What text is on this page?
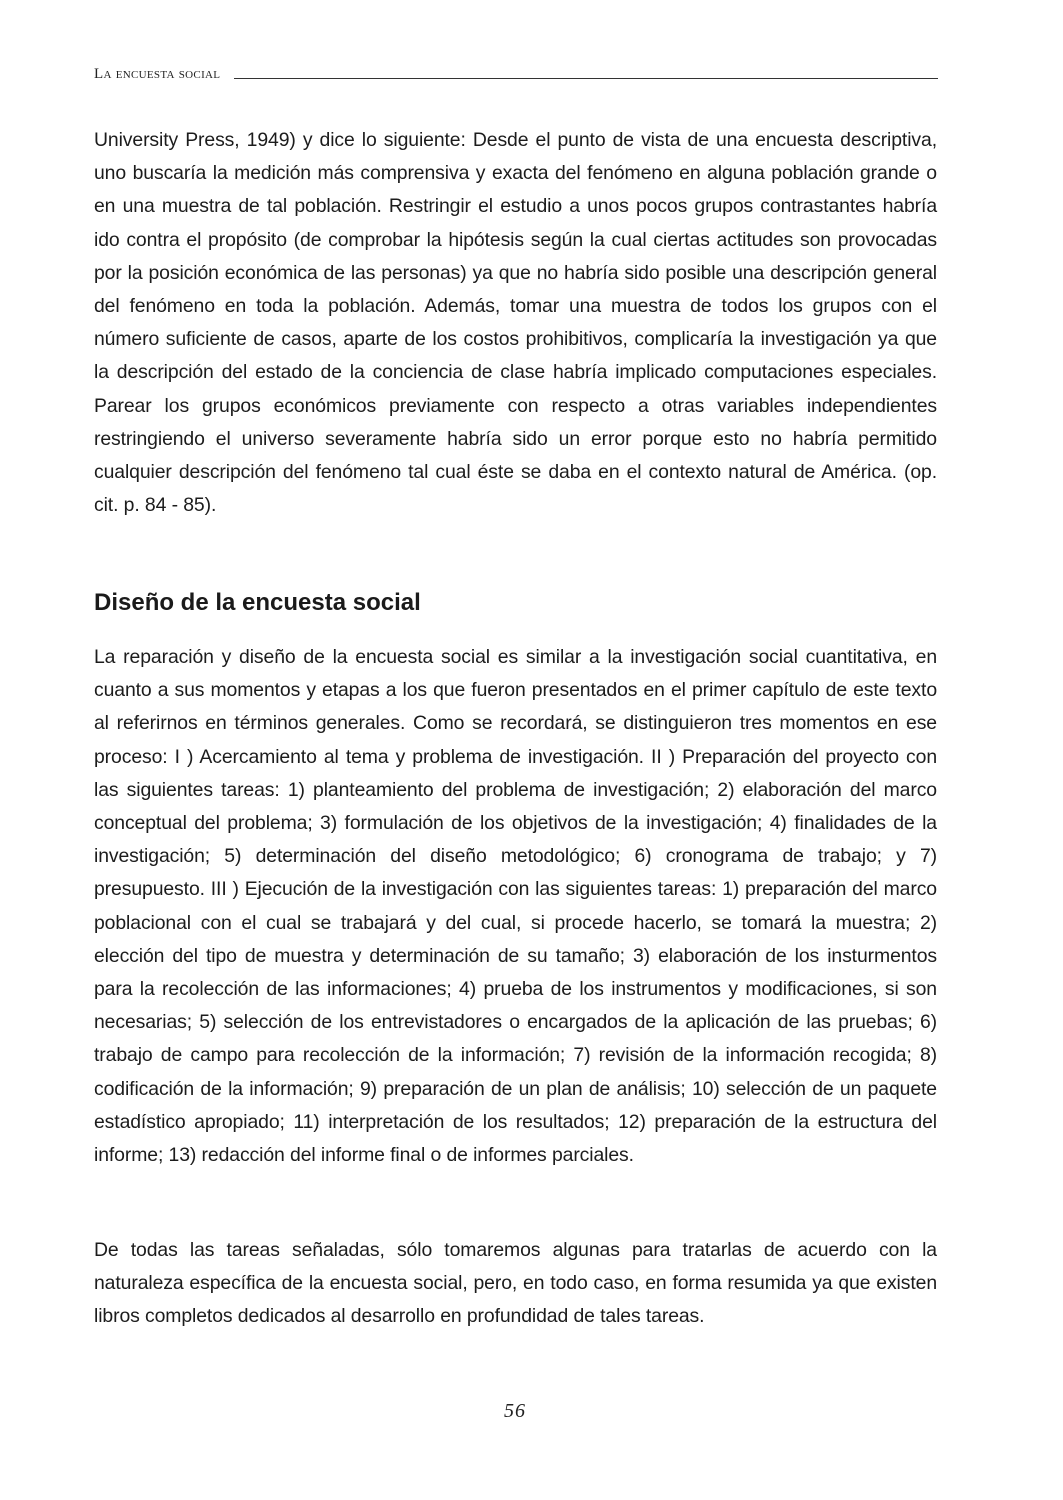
La encuesta social

University Press, 1949) y dice lo siguiente: Desde el punto de vista de una encuesta descriptiva, uno buscaría la medición más comprensiva y exacta del fenómeno en alguna población grande o en una muestra de tal población. Restringir el estudio a unos pocos grupos contrastantes habría ido contra el propósito (de comprobar la hipótesis según la cual ciertas actitudes son provocadas por la posición económica de las personas) ya que no habría sido posible una descripción general del fenómeno en toda la población. Además, tomar una muestra de todos los grupos con el número suficiente de casos, aparte de los costos prohibitivos, complicaría la investigación ya que la descripción del estado de la conciencia de clase habría implicado computaciones especiales. Parear los grupos económicos previamente con respecto a otras variables independientes restringiendo el universo severamente habría sido un error porque esto no habría permitido cualquier descripción del fenómeno tal cual éste se daba en el contexto natural de América. (op. cit. p. 84 - 85).

Diseño de la encuesta social

La reparación y diseño de la encuesta social es similar a la investigación social cuantitativa, en cuanto a sus momentos y etapas a los que fueron presentados en el primer capítulo de este texto al referirnos en términos generales. Como se recordará, se distinguieron tres momentos en ese proceso: I ) Acercamiento al tema y problema de investigación. II ) Preparación del proyecto con las siguientes tareas: 1) planteamiento del problema de investigación; 2) elaboración del marco conceptual del problema; 3) formulación de los objetivos de la investigación; 4) finalidades de la investigación; 5) determinación del diseño metodológico; 6) cronograma de trabajo; y 7) presupuesto. III ) Ejecución de la investigación con las siguientes tareas: 1) preparación del marco poblacional con el cual se trabajará y del cual, si procede hacerlo, se tomará la muestra; 2) elección del tipo de muestra y determinación de su tamaño; 3) elaboración de los insturmentos para la recolección de las informaciones; 4) prueba de los instrumentos y modificaciones, si son necesarias; 5) selección de los entrevistadores o encargados de la aplicación de las pruebas; 6) trabajo de campo para recolección de la información; 7) revisión de la información recogida; 8) codificación de la información; 9) preparación de un plan de análisis; 10) selección de un paquete estadístico apropiado; 11) interpretación de los resultados; 12) preparación de la estructura del informe; 13) redacción del informe final o de informes parciales.

De todas las tareas señaladas, sólo tomaremos algunas para tratarlas de acuerdo con la naturaleza específica de la encuesta social, pero, en todo caso, en forma resumida ya que existen libros completos dedicados al desarrollo en profundidad de tales tareas.

56
